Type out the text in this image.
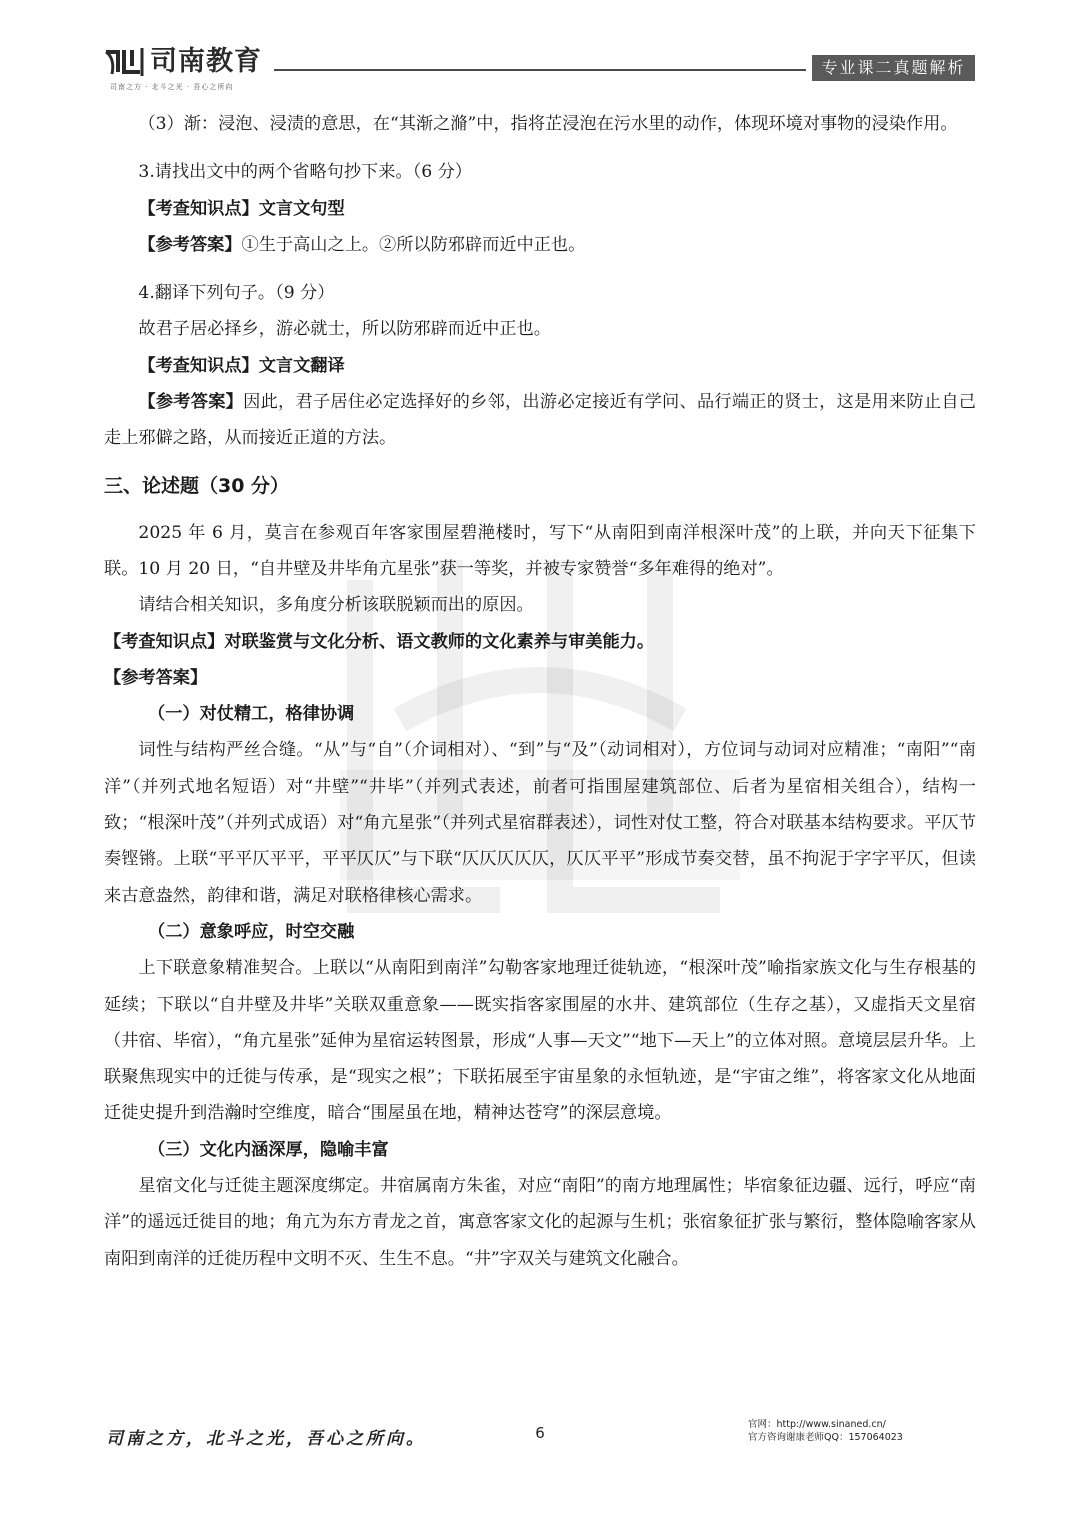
司南教育
司南之方 · 北斗之光 · 吾心之所向
专业课二真题解析

（3）渐：浸泡、浸渍的意思，在“其渐之滫”中，指将芷浸泡在污水里的动作，体现环境对事物的浸染作用。

3.请找出文中的两个省略句抄下来。（6 分）

【考查知识点】文言文句型

【参考答案】①生于高山之上。②所以防邪辟而近中正也。

4.翻译下列句子。（9 分）

故君子居必择乡，游必就士，所以防邪辟而近中正也。

【考查知识点】文言文翻译

【参考答案】因此，君子居住必定选择好的乡邻，出游必定接近有学问、品行端正的贤士，这是用来防止自己走上邪僻之路，从而接近正道的方法。

三、论述题（30 分）

2025 年 6 月，莫言在参观百年客家围屋碧滟楼时，写下“从南阳到南洋根深叶茂”的上联，并向天下征集下联。10 月 20 日，“自井壁及井毕角亢星张”获一等奖，并被专家赞誉“多年难得的绝对”。

请结合相关知识，多角度分析该联脱颖而出的原因。

【考查知识点】对联鉴赏与文化分析、语文教师的文化素养与审美能力。

【参考答案】

（一）对仗精工，格律协调

词性与结构严丝合缝。“从”与“自”（介词相对）、“到”与“及”（动词相对），方位词与动词对应精准；“南阳”“南洋”（并列式地名短语）对“井壁”“井毕”（并列式表述，前者可指围屋建筑部位、后者为星宿相关组合），结构一致；“根深叶茂”（并列式成语）对“角亢星张”（并列式星宿群表述），词性对仗工整，符合对联基本结构要求。平仄节奏铿锵。上联“平平仄平平，平平仄仄”与下联“仄仄仄仄仄，仄仄平平”形成节奏交替，虽不拘泥于字字平仄，但读来古意盎然，韵律和谐，满足对联格律核心需求。

（二）意象呼应，时空交融

上下联意象精准契合。上联以“从南阳到南洋”勾勒客家地理迁徙轨迹，“根深叶茂”喻指家族文化与生存根基的延续；下联以“自井壁及井毕”关联双重意象——既实指客家围屋的水井、建筑部位（生存之基），又虚指天文星宿（井宿、毕宿），“角亢星张”延伸为星宿运转图景，形成“人事—天文”“地下—天上”的立体对照。意境层层升华。上联聚焦现实中的迁徙与传承，是“现实之根”；下联拓展至宇宙星象的永恒轨迹，是“宇宙之维”，将客家文化从地面迁徙史提升到浩瀚时空维度，暗合“围屋虽在地，精神达苍穹”的深层意境。

（三）文化内涵深厚，隐喻丰富

星宿文化与迁徙主题深度绑定。井宿属南方朱雀，对应“南阳”的南方地理属性；毕宿象征边疆、远行，呼应“南洋”的遥远迁徙目的地；角亢为东方青龙之首，寓意客家文化的起源与生机；张宿象征扩张与繁衍，整体隐喻客家从南阳到南洋的迁徙历程中文明不灭、生生不息。“井”字双关与建筑文化融合。

司南之方，北斗之光，吾心之所向。	6	官网：http://www.sinaned.cn/
官方咨询谢康老师QQ：157064023
